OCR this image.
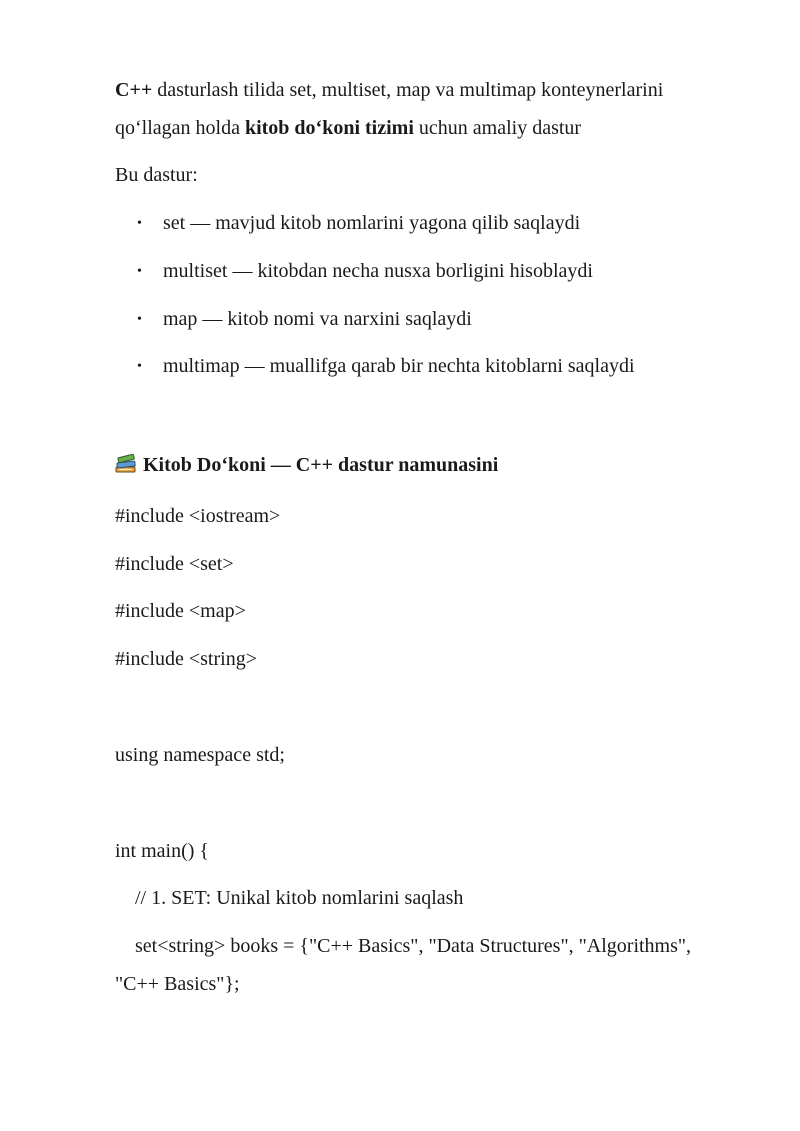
C++ dasturlash tilida set, multiset, map va multimap konteynerlarini
qo‘llagan holda kitob do‘koni tizimi uchun amaliy dastur
Bu dastur:
• set — mavjud kitob nomlarini yagona qilib saqlaydi
• multiset — kitobdan necha nusxa borligini hisoblaydi
• map — kitob nomi va narxini saqlaydi
• multimap — muallifga qarab bir nechta kitoblarni saqlaydi
Kitob Do‘koni — C++ dastur namunasini
#include <iostream>
#include <set>
#include <map>
#include <string>
using namespace std;
int main() {
// 1. SET: Unikal kitob nomlarini saqlash
set<string> books = {"C++ Basics", "Data Structures", "Algorithms",
"C++ Basics"};
